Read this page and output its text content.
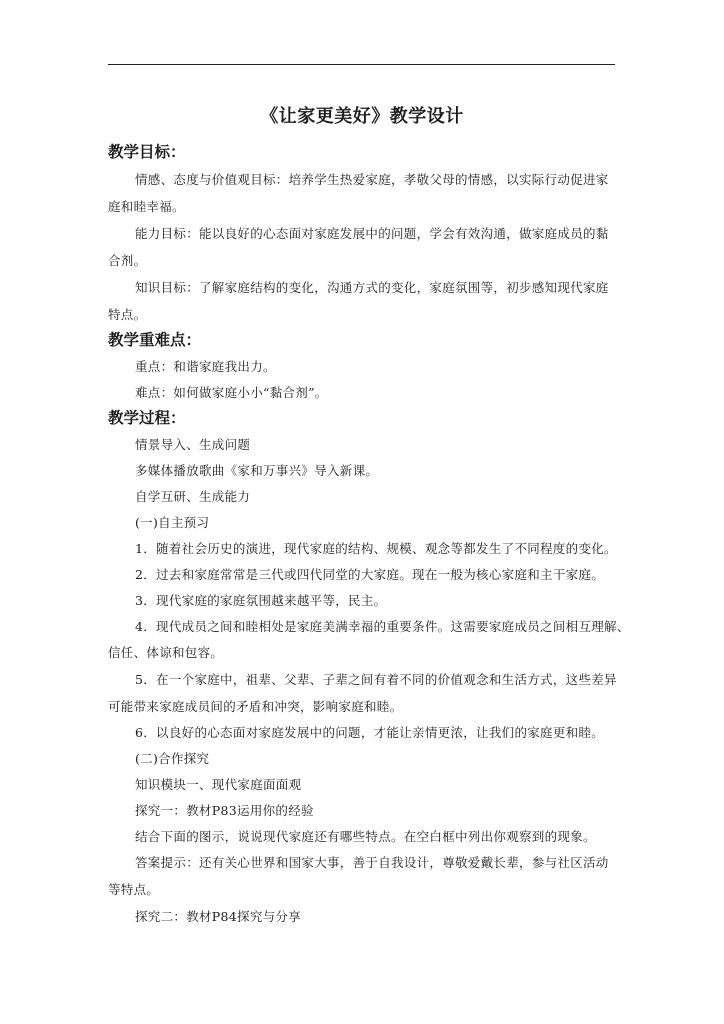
《让家更美好》教学设计
教学目标：
情感、态度与价值观目标：培养学生热爱家庭，孝敬父母的情感，以实际行动促进家
庭和睦幸福。
能力目标：能以良好的心态面对家庭发展中的问题，学会有效沟通，做家庭成员的黏
合剂。
知识目标：了解家庭结构的变化，沟通方式的变化，家庭氛围等，初步感知现代家庭
特点。
教学重难点：
重点：和谐家庭我出力。
难点：如何做家庭小小“黏合剂”。
教学过程：
情景导入、生成问题
多媒体播放歌曲《家和万事兴》导入新课。
自学互研、生成能力
(一)自主预习
1．随着社会历史的演进，现代家庭的结构、规模、观念等都发生了不同程度的变化。
2．过去和家庭常常是三代或四代同堂的大家庭。现在一般为核心家庭和主干家庭。
3．现代家庭的家庭氛围越来越平等，民主。
4．现代成员之间和睦相处是家庭美满幸福的重要条件。这需要家庭成员之间相互理解、
信任、体谅和包容。
5．在一个家庭中，祖辈、父辈、子辈之间有着不同的价值观念和生活方式，这些差异
可能带来家庭成员间的矛盾和冲突，影响家庭和睦。
6．以良好的心态面对家庭发展中的问题，才能让亲情更浓，让我们的家庭更和睦。
(二)合作探究
知识模块一、现代家庭面面观
探究一：教材P83运用你的经验
结合下面的图示，说说现代家庭还有哪些特点。在空白框中列出你观察到的现象。
答案提示：还有关心世界和国家大事，善于自我设计，尊敬爱戴长辈，参与社区活动
等特点。
探究二：教材P84探究与分享
